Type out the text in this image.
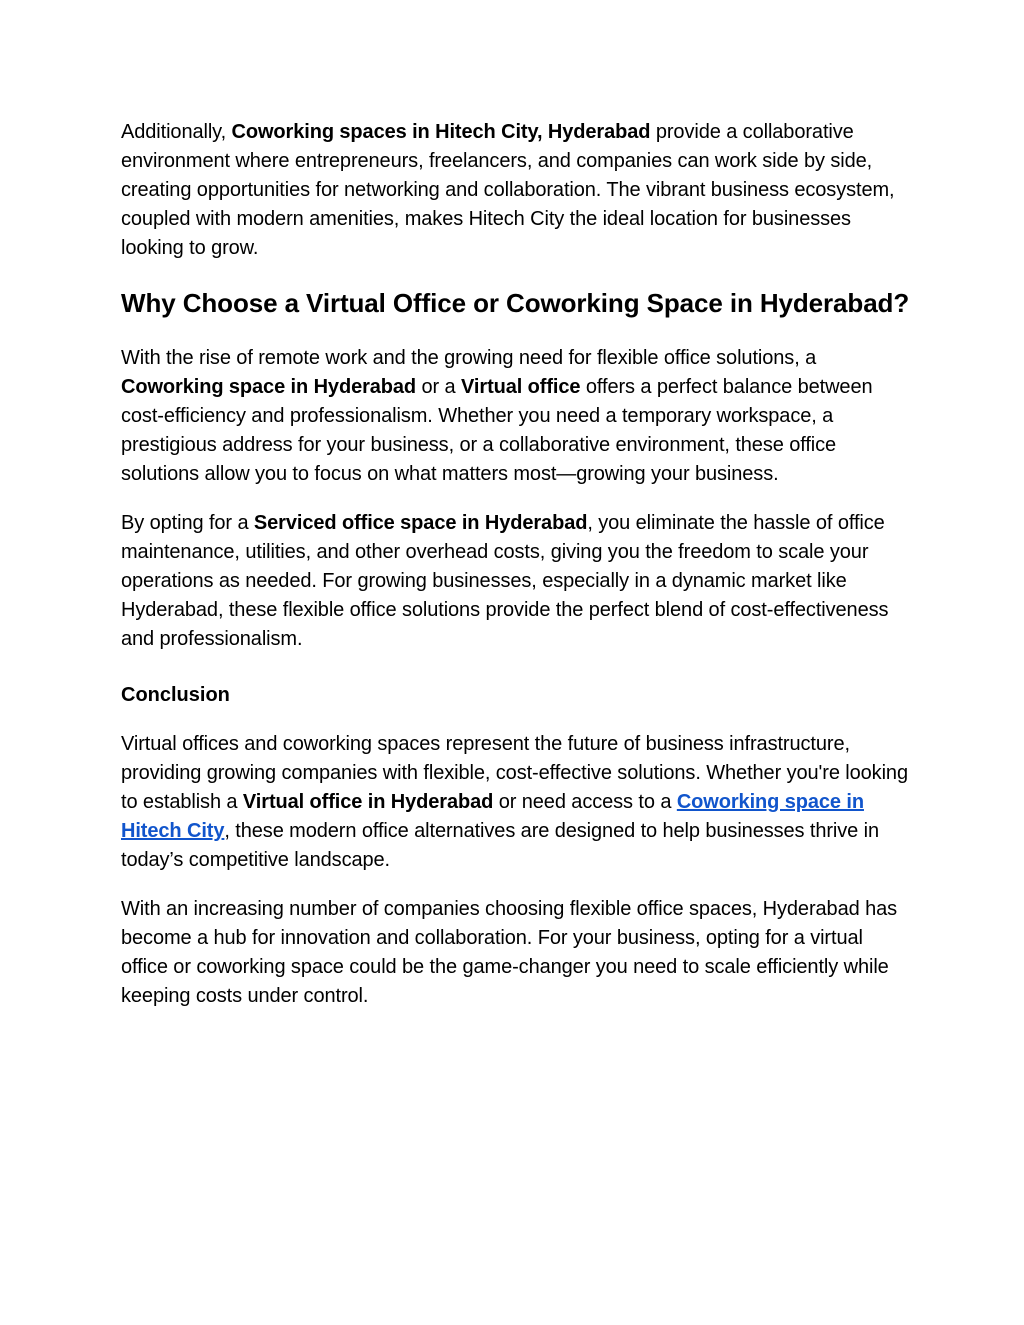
Additionally, Coworking spaces in Hitech City, Hyderabad provide a collaborative environment where entrepreneurs, freelancers, and companies can work side by side, creating opportunities for networking and collaboration. The vibrant business ecosystem, coupled with modern amenities, makes Hitech City the ideal location for businesses looking to grow.

Why Choose a Virtual Office or Coworking Space in Hyderabad?

With the rise of remote work and the growing need for flexible office solutions, a Coworking space in Hyderabad or a Virtual office offers a perfect balance between cost-efficiency and professionalism. Whether you need a temporary workspace, a prestigious address for your business, or a collaborative environment, these office solutions allow you to focus on what matters most—growing your business.

By opting for a Serviced office space in Hyderabad, you eliminate the hassle of office maintenance, utilities, and other overhead costs, giving you the freedom to scale your operations as needed. For growing businesses, especially in a dynamic market like Hyderabad, these flexible office solutions provide the perfect blend of cost-effectiveness and professionalism.

Conclusion

Virtual offices and coworking spaces represent the future of business infrastructure, providing growing companies with flexible, cost-effective solutions. Whether you're looking to establish a Virtual office in Hyderabad or need access to a Coworking space in Hitech City, these modern office alternatives are designed to help businesses thrive in today’s competitive landscape.

With an increasing number of companies choosing flexible office spaces, Hyderabad has become a hub for innovation and collaboration. For your business, opting for a virtual office or coworking space could be the game-changer you need to scale efficiently while keeping costs under control.
